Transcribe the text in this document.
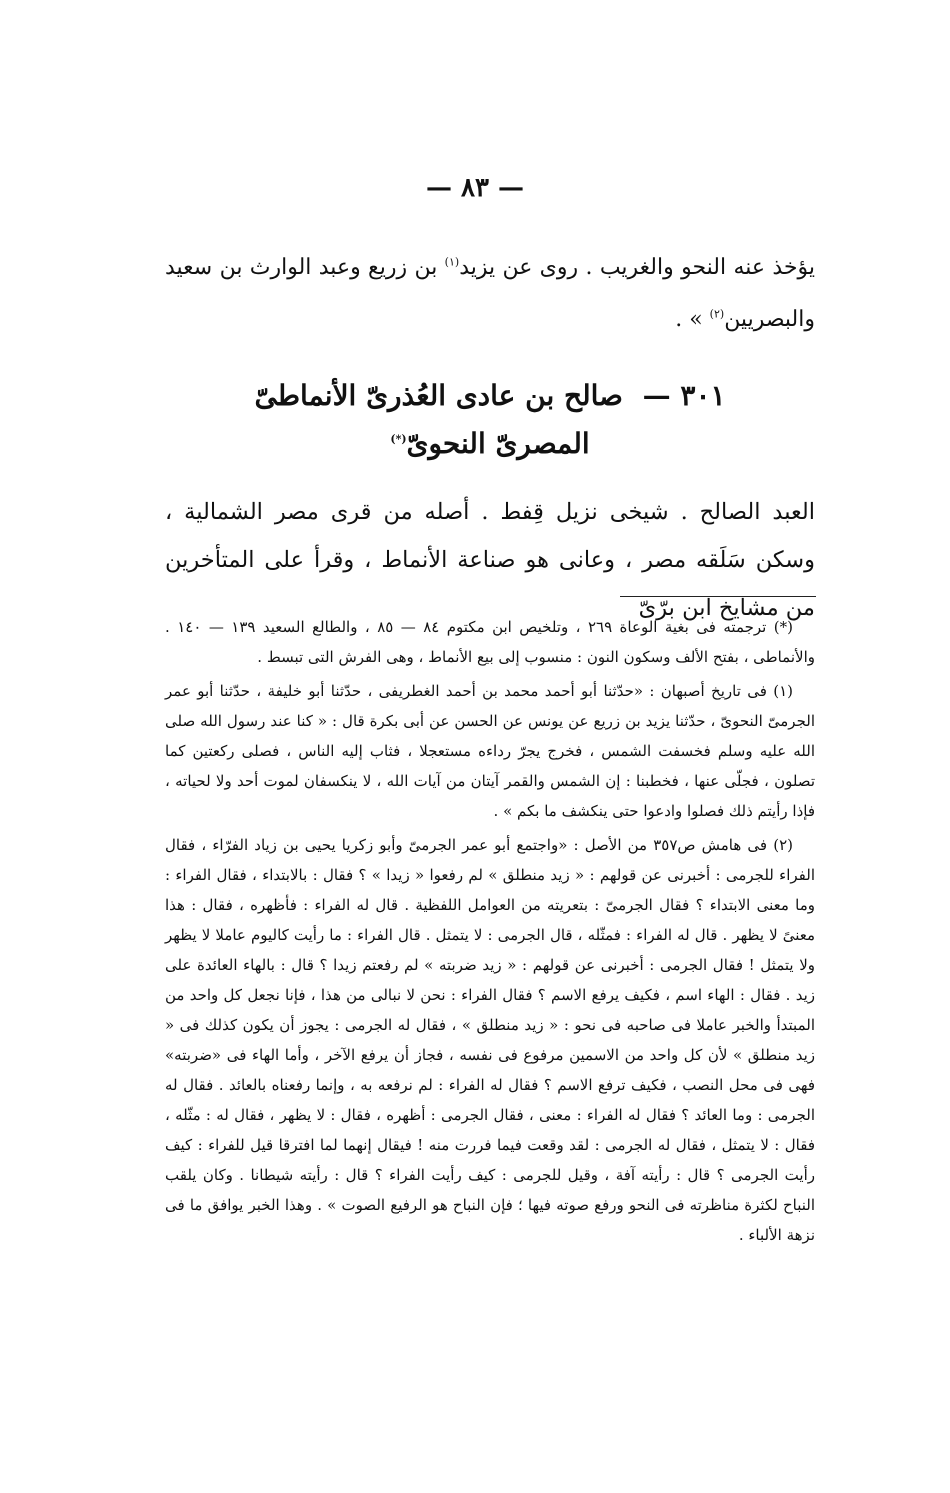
— ٨٣ —

يؤخذ عنه النحو والغريب . روى عن يزيد$^{(١)}$ بن زريع وعبد الوارث بن سعيد والبصريين$^{(٢)}$ » .

٣٠١ — صالح بن عادى العُذرىّ الأنماطىّ
المصرىّ النحوىّ(*)

العبد الصالح . شيخى نزيل قِفط . أصله من قرى مصر الشمالية ، وسكن سَلَقه مصر ، وعانى هو صناعة الأنماط ، وقرأ على المتأخرين من مشايخ ابن برّىّ

(*) ترجمته فى بغية الوعاة ٢٦٩ ، وتلخيص ابن مكتوم ٨٤ — ٨٥ ، والطالع السعيد ١٣٩ — ١٤٠ . والأنماطى ، بفتح الألف وسكون النون : منسوب إلى بيع الأنماط ، وهى الفرش التى تبسط .

(١) فى تاريخ أصبهان : «حدّثنا أبو أحمد محمد بن أحمد الغطريفى ، حدّثنا أبو خليفة ، حدّثنا أبو عمر الجرمىّ النحوىّ ، حدّثنا يزيد بن زريع عن يونس عن الحسن عن أبى بكرة قال : « كنا عند رسول الله صلى الله عليه وسلم فخسفت الشمس ، فخرج يجرّ رداءه مستعجلا ، فثاب إليه الناس ، فصلى ركعتين كما تصلون ، فجلّى عنها ، فخطبنا : إن الشمس والقمر آيتان من آيات الله ، لا ينكسفان لموت أحد ولا لحياته ، فإذا رأيتم ذلك فصلوا وادعوا حتى ينكشف ما بكم » .

(٢) فى هامش ص٣٥٧ من الأصل : «واجتمع أبو عمر الجرمىّ وأبو زكريا يحيى بن زياد الفرّاء ، فقال الفراء للجرمى : أخبرنى عن قولهم : « زيد منطلق » لم رفعوا « زيدا » ؟ فقال : بالابتداء ، فقال الفراء : وما معنى الابتداء ؟ فقال الجرمىّ : بتعريته من العوامل اللفظية . قال له الفراء : فأظهره ، فقال : هذا معنىً لا يظهر . قال له الفراء : فمثّله ، قال الجرمى : لا يتمثل . قال الفراء : ما رأيت كاليوم عاملا لا يظهر ولا يتمثل ! فقال الجرمى : أخبرنى عن قولهم : « زيد ضربته » لم رفعتم زيدا ؟ قال : بالهاء العائدة على زيد . فقال : الهاء اسم ، فكيف يرفع الاسم ؟ فقال الفراء : نحن لا نبالى من هذا ، فإنا نجعل كل واحد من المبتدأ والخبر عاملا فى صاحبه فى نحو : « زيد منطلق » ، فقال له الجرمى : يجوز أن يكون كذلك فى « زيد منطلق » لأن كل واحد من الاسمين مرفوع فى نفسه ، فجاز أن يرفع الآخر ، وأما الهاء فى «ضربته» فهى فى محل النصب ، فكيف ترفع الاسم ؟ فقال له الفراء : لم نرفعه به ، وإنما رفعناه بالعائد . فقال له الجرمى : وما العائد ؟ فقال له الفراء : معنى ، فقال الجرمى : أظهره ، فقال : لا يظهر ، فقال له : مثّله ، فقال : لا يتمثل ، فقال له الجرمى : لقد وقعت فيما فررت منه ! فيقال إنهما لما افترقا قيل للفراء : كيف رأيت الجرمى ؟ قال : رأيته آفة ، وقيل للجرمى : كيف رأيت الفراء ؟ قال : رأيته شيطانا . وكان يلقب النباح لكثرة مناظرته فى النحو ورفع صوته فيها ؛ فإن النباح هو الرفيع الصوت » . وهذا الخبر يوافق ما فى نزهة الألباء .
